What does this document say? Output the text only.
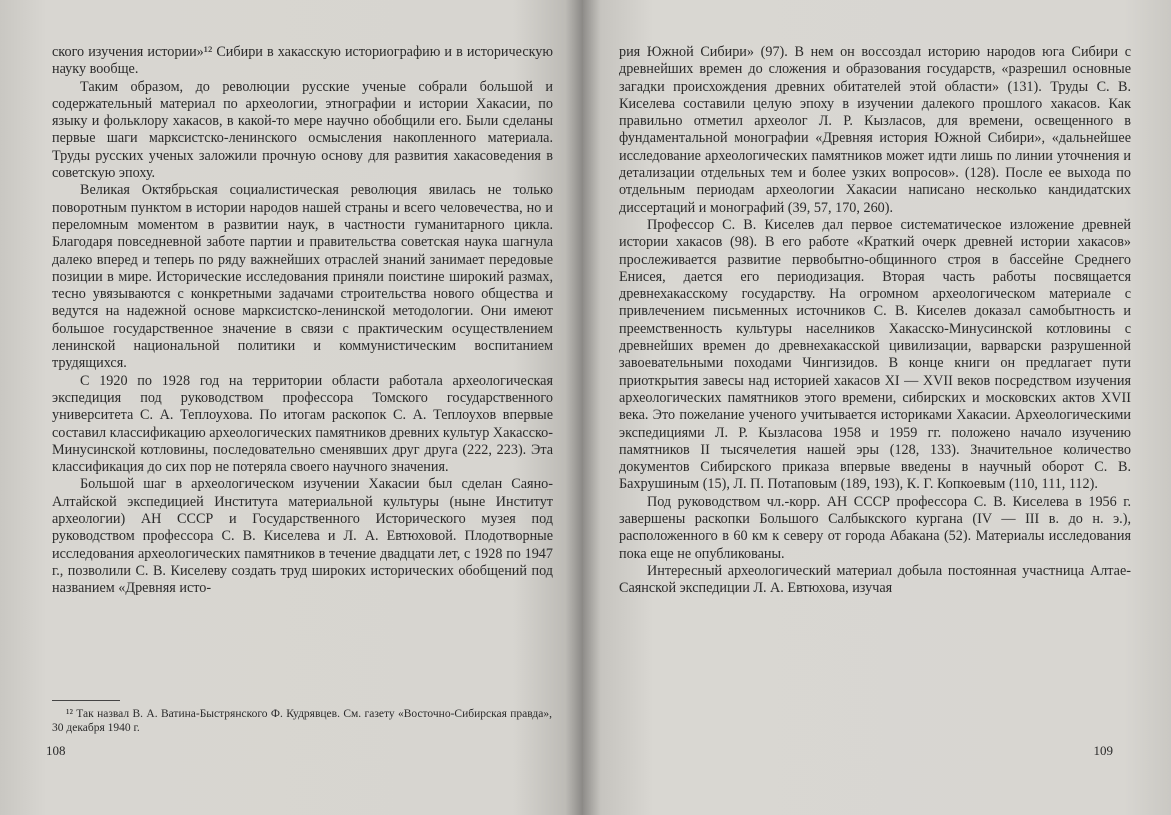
ского изучения истории»¹² Сибири в хакасскую историографию и в историческую науку вообще.

Таким образом, до революции русские ученые собрали большой и содержательный материал по археологии, этнографии и истории Хакасии, по языку и фольклору хакасов, в какой-то мере научно обобщили его. Были сделаны первые шаги марксистско-ленинского осмысления накопленного материала. Труды русских ученых заложили прочную основу для развития хакасоведения в советскую эпоху.

Великая Октябрьская социалистическая революция явилась не только поворотным пунктом в истории народов нашей страны и всего человечества, но и переломным моментом в развитии наук, в частности гуманитарного цикла. Благодаря повседневной заботе партии и правительства советская наука шагнула далеко вперед и теперь по ряду важнейших отраслей знаний занимает передовые позиции в мире. Исторические исследования приняли поистине широкий размах, тесно увязываются с конкретными задачами строительства нового общества и ведутся на надежной основе марксистско-ленинской методологии. Они имеют большое государственное значение в связи с практическим осуществлением ленинской национальной политики и коммунистическим воспитанием трудящихся.

С 1920 по 1928 год на территории области работала археологическая экспедиция под руководством профессора Томского государственного университета С. А. Теплоухова. По итогам раскопок С. А. Теплоухов впервые составил классификацию археологических памятников древних культур Хакасско-Минусинской котловины, последовательно сменявших друг друга (222, 223). Эта классификация до сих пор не потеряла своего научного значения.

Большой шаг в археологическом изучении Хакасии был сделан Саяно-Алтайской экспедицией Института материальной культуры (ныне Институт археологии) АН СССР и Государственного Исторического музея под руководством профессора С. В. Киселева и Л. А. Евтюховой. Плодотворные исследования археологических памятников в течение двадцати лет, с 1928 по 1947 г., позволили С. В. Киселеву создать труд широких исторических обобщений под названием «Древняя исто-

¹² Так назвал В. А. Ватина-Быстрянского Ф. Кудрявцев. См. газету «Восточно-Сибирская правда», 30 декабря 1940 г.
108

рия Южной Сибири» (97). В нем он воссоздал историю народов юга Сибири с древнейших времен до сложения и образования государств, «разрешил основные загадки происхождения древних обитателей этой области» (131). Труды С. В. Киселева составили целую эпоху в изучении далекого прошлого хакасов. Как правильно отметил археолог Л. Р. Кызласов, для времени, освещенного в фундаментальной монографии «Древняя история Южной Сибири», «дальнейшее исследование археологических памятников может идти лишь по линии уточнения и детализации отдельных тем и более узких вопросов». (128). После ее выхода по отдельным периодам археологии Хакасии написано несколько кандидатских диссертаций и монографий (39, 57, 170, 260).

Профессор С. В. Киселев дал первое систематическое изложение древней истории хакасов (98). В его работе «Краткий очерк древней истории хакасов» прослеживается развитие первобытно-общинного строя в бассейне Среднего Енисея, дается его периодизация. Вторая часть работы посвящается древнехакасскому государству. На огромном археологическом материале с привлечением письменных источников С. В. Киселев доказал самобытность и преемственность культуры населников Хакасско-Минусинской котловины с древнейших времен до древнехакасской цивилизации, варварски разрушенной завоевательными походами Чингизидов. В конце книги он предлагает пути приоткрытия завесы над историей хакасов XI — XVII веков посредством изучения археологических памятников этого времени, сибирских и московских актов XVII века. Это пожелание ученого учитывается историками Хакасии. Археологическими экспедициями Л. Р. Кызласова 1958 и 1959 гг. положено начало изучению памятников II тысячелетия нашей эры (128, 133). Значительное количество документов Сибирского приказа впервые введены в научный оборот С. В. Бахрушиным (15), Л. П. Потаповым (189, 193), К. Г. Копкоевым (110, 111, 112).

Под руководством чл.-корр. АН СССР профессора С. В. Киселева в 1956 г. завершены раскопки Большого Салбыкского кургана (IV — III в. до н. э.), расположенного в 60 км к северу от города Абакана (52). Материалы исследования пока еще не опубликованы.

Интересный археологический материал добыла постоянная участница Алтае-Саянской экспедиции Л. А. Евтюхова, изучая

109
